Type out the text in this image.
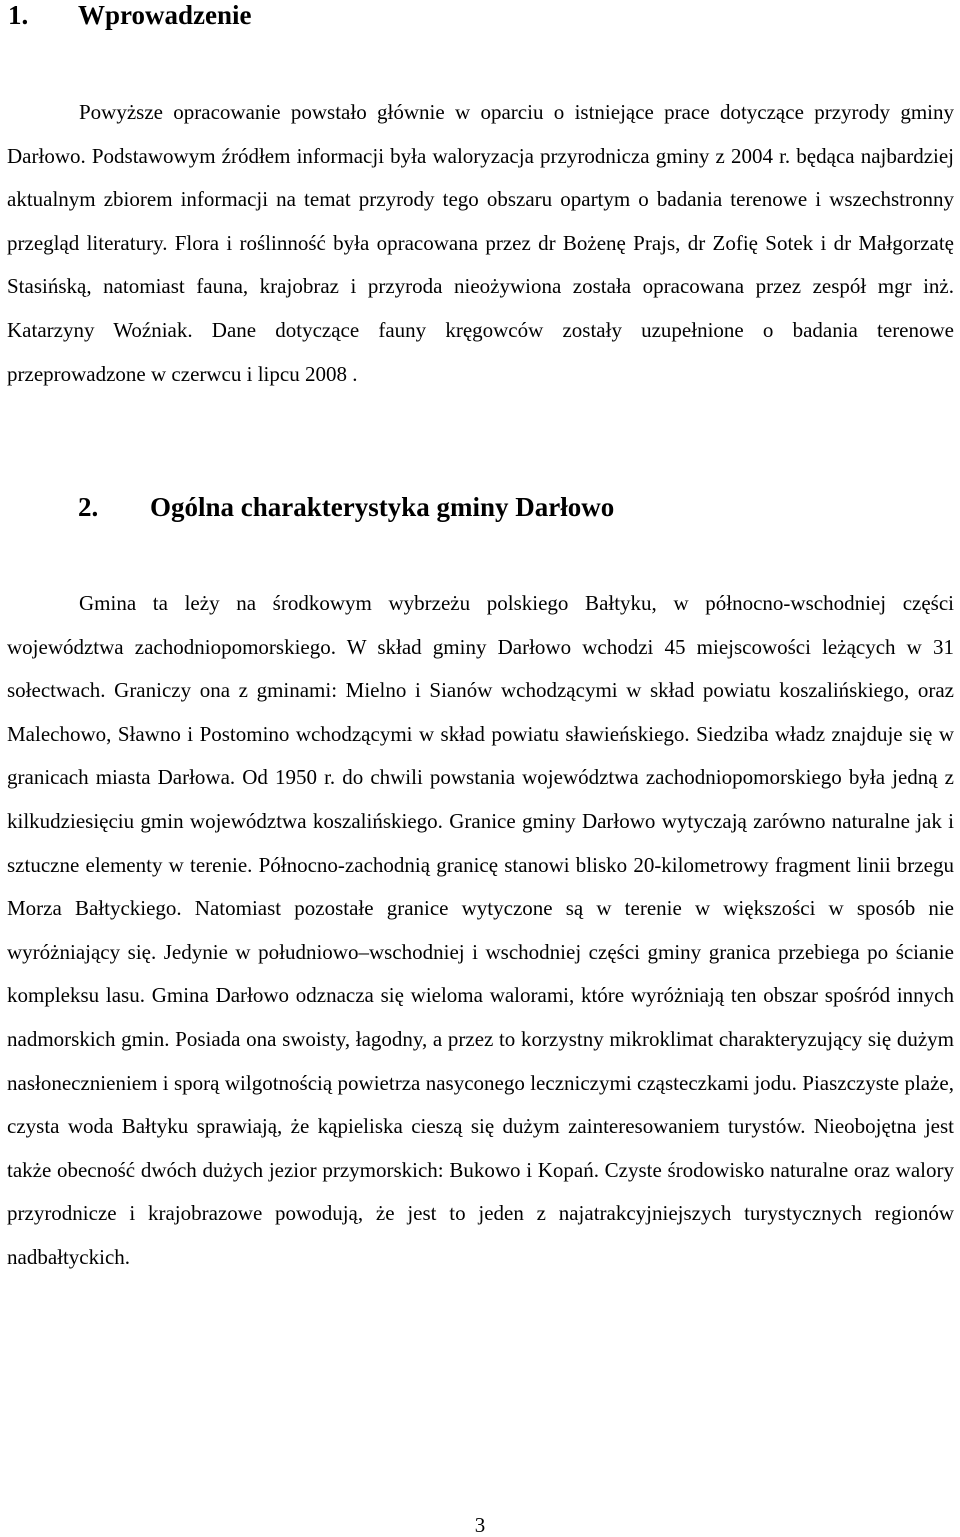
1. Wprowadzenie

Powyższe opracowanie powstało głównie w oparciu o istniejące prace dotyczące przyrody gminy Darłowo. Podstawowym źródłem informacji była waloryzacja przyrodnicza gminy z 2004 r. będąca najbardziej aktualnym zbiorem informacji na temat przyrody tego obszaru opartym o badania terenowe i wszechstronny przegląd literatury. Flora i roślinność była opracowana przez dr Bożenę Prajs, dr Zofię Sotek i dr Małgorzatę Stasińską, natomiast fauna, krajobraz i przyroda nieożywiona została opracowana przez zespół mgr inż. Katarzyny Woźniak. Dane dotyczące fauny kręgowców zostały uzupełnione o badania terenowe przeprowadzone w czerwcu i lipcu 2008 .

2. Ogólna charakterystyka gminy Darłowo

Gmina ta leży na środkowym wybrzeżu polskiego Bałtyku, w północno-wschodniej części województwa zachodniopomorskiego. W skład gminy Darłowo wchodzi 45 miejscowości leżących w 31 sołectwach. Graniczy ona z gminami: Mielno i Sianów wchodzącymi w skład powiatu koszalińskiego, oraz Malechowo, Sławno i Postomino wchodzącymi w skład powiatu sławieńskiego. Siedziba władz znajduje się w granicach miasta Darłowa. Od 1950 r. do chwili powstania województwa zachodniopomorskiego była jedną z kilkudziesięciu gmin województwa koszalińskiego. Granice gminy Darłowo wytyczają zarówno naturalne jak i sztuczne elementy w terenie. Północno-zachodnią granicę stanowi blisko 20-kilometrowy fragment linii brzegu Morza Bałtyckiego. Natomiast pozostałe granice wytyczone są w terenie w większości w sposób nie wyróżniający się. Jedynie w południowo–wschodniej i wschodniej części gminy granica przebiega po ścianie kompleksu lasu. Gmina Darłowo odznacza się wieloma walorami, które wyróżniają ten obszar spośród innych nadmorskich gmin. Posiada ona swoisty, łagodny, a przez to korzystny mikroklimat charakteryzujący się dużym nasłonecznieniem i sporą wilgotnością powietrza nasyconego leczniczymi cząsteczkami jodu. Piaszczyste plaże, czysta woda Bałtyku sprawiają, że kąpieliska cieszą się dużym zainteresowaniem turystów. Nieobojętna jest także obecność dwóch dużych jezior przymorskich: Bukowo i Kopań. Czyste środowisko naturalne oraz walory przyrodnicze i krajobrazowe powodują, że jest to jeden z najatrakcyjniejszych turystycznych regionów nadbałtyckich.

3
